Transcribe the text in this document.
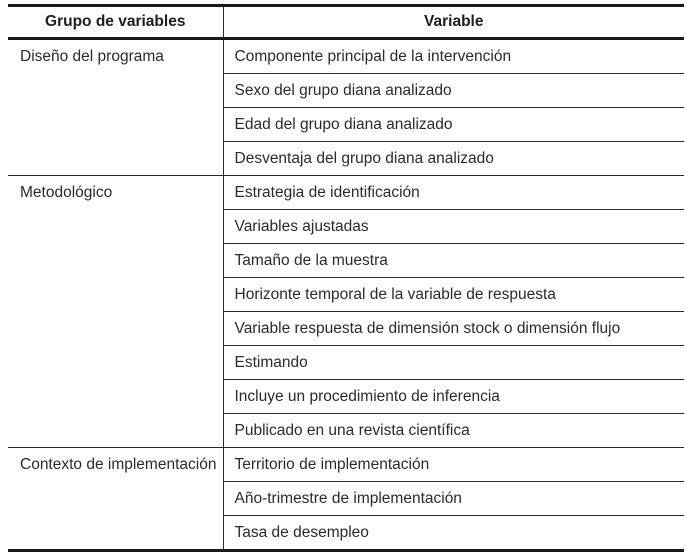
Grupo de variables	Variable
Diseño del programa	Componente principal de la intervención
	Sexo del grupo diana analizado
	Edad del grupo diana analizado
	Desventaja del grupo diana analizado
Metodológico	Estrategia de identificación
	Variables ajustadas
	Tamaño de la muestra
	Horizonte temporal de la variable de respuesta
	Variable respuesta de dimensión stock o dimensión flujo
	Estimando
	Incluye un procedimiento de inferencia
	Publicado en una revista científica
Contexto de implementación	Territorio de implementación
	Año-trimestre de implementación
	Tasa de desempleo
